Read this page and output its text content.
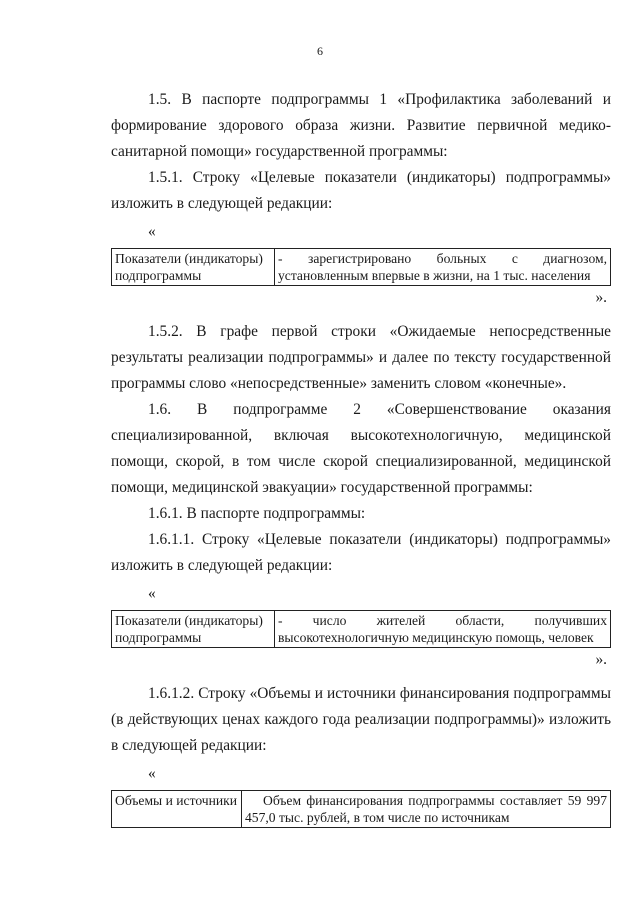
6

1.5. В паспорте подпрограммы 1 «Профилактика заболеваний и формирование здорового образа жизни. Развитие первичной медико-санитарной помощи» государственной программы:

1.5.1. Строку «Целевые показатели (индикаторы) подпрограммы» изложить в следующей редакции:

«
Показатели (индикаторы) подпрограммы	- зарегистрировано больных с диагнозом, установленным впервые в жизни, на 1 тыс. населения
».

1.5.2. В графе первой строки «Ожидаемые непосредственные результаты реализации подпрограммы» и далее по тексту государственной программы слово «непосредственные» заменить словом «конечные».

1.6. В подпрограмме 2 «Совершенствование оказания специализированной, включая высокотехнологичную, медицинской помощи, скорой, в том числе скорой специализированной, медицинской помощи, медицинской эвакуации» государственной программы:

1.6.1. В паспорте подпрограммы:

1.6.1.1. Строку «Целевые показатели (индикаторы) подпрограммы» изложить в следующей редакции:

«
Показатели (индикаторы) подпрограммы	- число жителей области, получивших высокотехнологичную медицинскую помощь, человек
».

1.6.1.2. Строку «Объемы и источники финансирования подпрограммы (в действующих ценах каждого года реализации подпрограммы)» изложить в следующей редакции:

«
Объемы и источники	Объем финансирования подпрограммы составляет 59 997 457,0 тыс. рублей, в том числе по источникам
